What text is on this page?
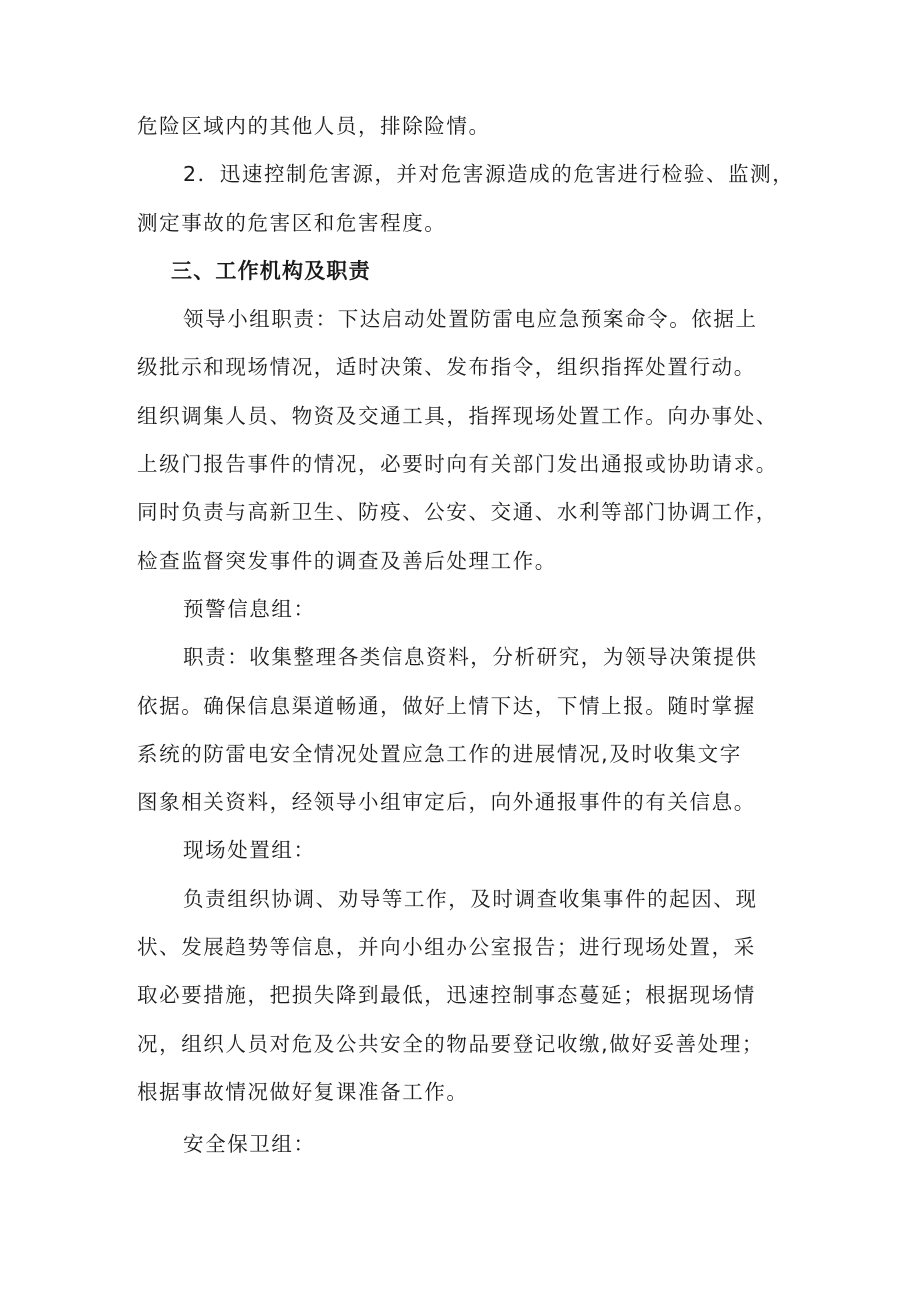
危险区域内的其他人员，排除险情。

2．迅速控制危害源，并对危害源造成的危害进行检验、监测，
测定事故的危害区和危害程度。

三、工作机构及职责

领导小组职责：下达启动处置防雷电应急预案命令。依据上
级批示和现场情况，适时决策、发布指令，组织指挥处置行动。
组织调集人员、物资及交通工具，指挥现场处置工作。向办事处、
上级门报告事件的情况，必要时向有关部门发出通报或协助请求。
同时负责与高新卫生、防疫、公安、交通、水利等部门协调工作，
检查监督突发事件的调查及善后处理工作。

预警信息组：

职责：收集整理各类信息资料，分析研究，为领导决策提供
依据。确保信息渠道畅通，做好上情下达，下情上报。随时掌握
系统的防雷电安全情况处置应急工作的进展情况,及时收集文字
图象相关资料，经领导小组审定后，向外通报事件的有关信息。

现场处置组：

负责组织协调、劝导等工作，及时调查收集事件的起因、现
状、发展趋势等信息，并向小组办公室报告；进行现场处置，采
取必要措施，把损失降到最低，迅速控制事态蔓延；根据现场情
况，组织人员对危及公共安全的物品要登记收缴,做好妥善处理；
根据事故情况做好复课准备工作。

安全保卫组：
